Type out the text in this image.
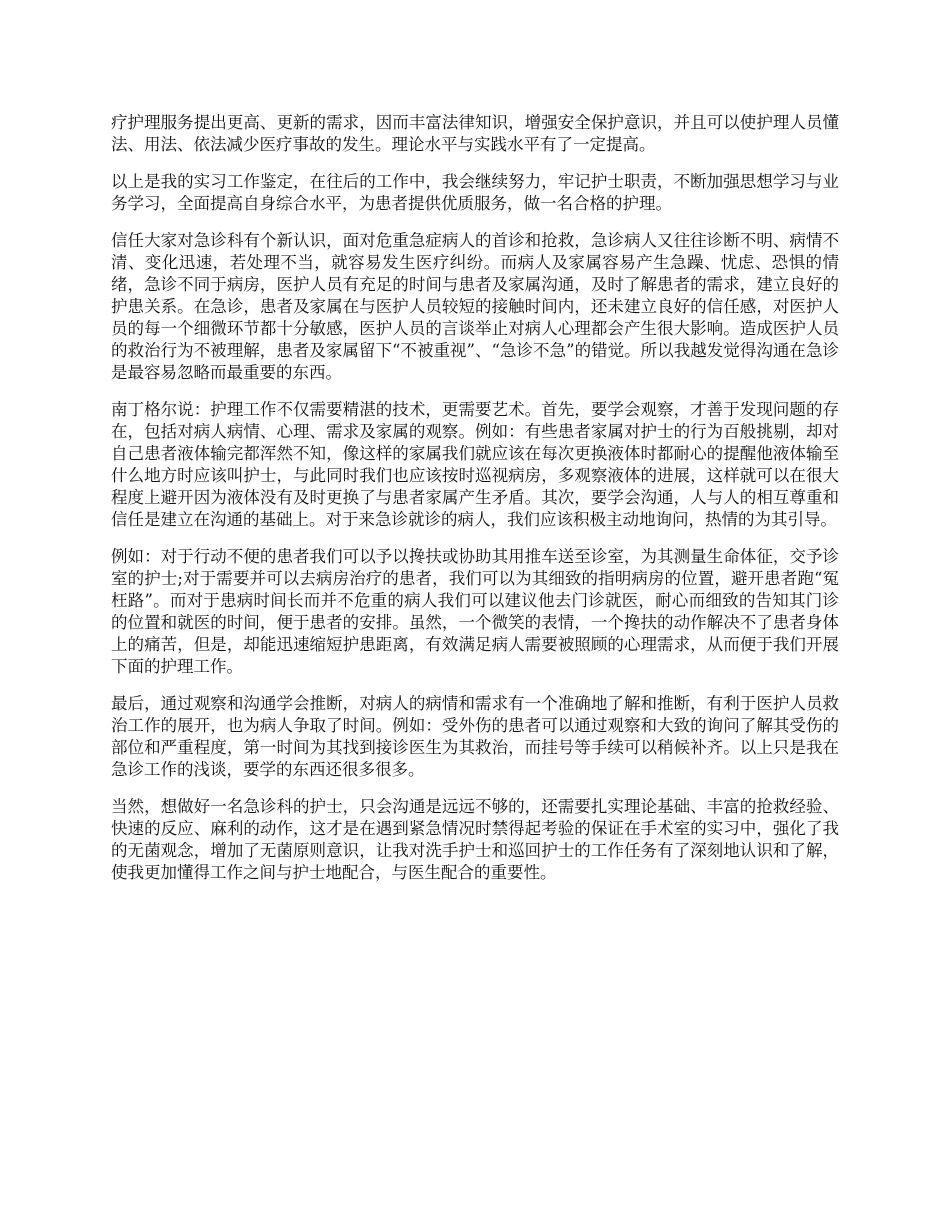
疗护理服务提出更高、更新的需求，因而丰富法律知识，增强安全保护意识，并且可以使护理人员懂法、用法、依法减少医疗事故的发生。理论水平与实践水平有了一定提高。

以上是我的实习工作鉴定，在往后的工作中，我会继续努力，牢记护士职责，不断加强思想学习与业务学习，全面提高自身综合水平，为患者提供优质服务，做一名合格的护理。

信任大家对急诊科有个新认识，面对危重急症病人的首诊和抢救，急诊病人又往往诊断不明、病情不清、变化迅速，若处理不当，就容易发生医疗纠纷。而病人及家属容易产生急躁、忧虑、恐惧的情绪，急诊不同于病房，医护人员有充足的时间与患者及家属沟通，及时了解患者的需求，建立良好的护患关系。在急诊，患者及家属在与医护人员较短的接触时间内，还未建立良好的信任感，对医护人员的每一个细微环节都十分敏感，医护人员的言谈举止对病人心理都会产生很大影响。造成医护人员的救治行为不被理解，患者及家属留下“不被重视”、“急诊不急”的错觉。所以我越发觉得沟通在急诊是最容易忽略而最重要的东西。

南丁格尔说：护理工作不仅需要精湛的技术，更需要艺术。首先，要学会观察，才善于发现问题的存在，包括对病人病情、心理、需求及家属的观察。例如：有些患者家属对护士的行为百般挑剔，却对自己患者液体输完都浑然不知，像这样的家属我们就应该在每次更换液体时都耐心的提醒他液体输至什么地方时应该叫护士，与此同时我们也应该按时巡视病房，多观察液体的进展，这样就可以在很大程度上避开因为液体没有及时更换了与患者家属产生矛盾。其次，要学会沟通，人与人的相互尊重和信任是建立在沟通的基础上。对于来急诊就诊的病人，我们应该积极主动地询问，热情的为其引导。

例如：对于行动不便的患者我们可以予以搀扶或协助其用推车送至诊室，为其测量生命体征，交予诊室的护士;对于需要并可以去病房治疗的患者，我们可以为其细致的指明病房的位置，避开患者跑“冤枉路”。而对于患病时间长而并不危重的病人我们可以建议他去门诊就医，耐心而细致的告知其门诊的位置和就医的时间，便于患者的安排。虽然，一个微笑的表情，一个搀扶的动作解决不了患者身体上的痛苦，但是，却能迅速缩短护患距离，有效满足病人需要被照顾的心理需求，从而便于我们开展下面的护理工作。

最后，通过观察和沟通学会推断，对病人的病情和需求有一个准确地了解和推断，有利于医护人员救治工作的展开，也为病人争取了时间。例如：受外伤的患者可以通过观察和大致的询问了解其受伤的部位和严重程度，第一时间为其找到接诊医生为其救治，而挂号等手续可以稍候补齐。以上只是我在急诊工作的浅谈，要学的东西还很多很多。

当然，想做好一名急诊科的护士，只会沟通是远远不够的，还需要扎实理论基础、丰富的抢救经验、快速的反应、麻利的动作，这才是在遇到紧急情况时禁得起考验的保证在手术室的实习中，强化了我的无菌观念，增加了无菌原则意识，让我对洗手护士和巡回护士的工作任务有了深刻地认识和了解，使我更加懂得工作之间与护士地配合，与医生配合的重要性。
